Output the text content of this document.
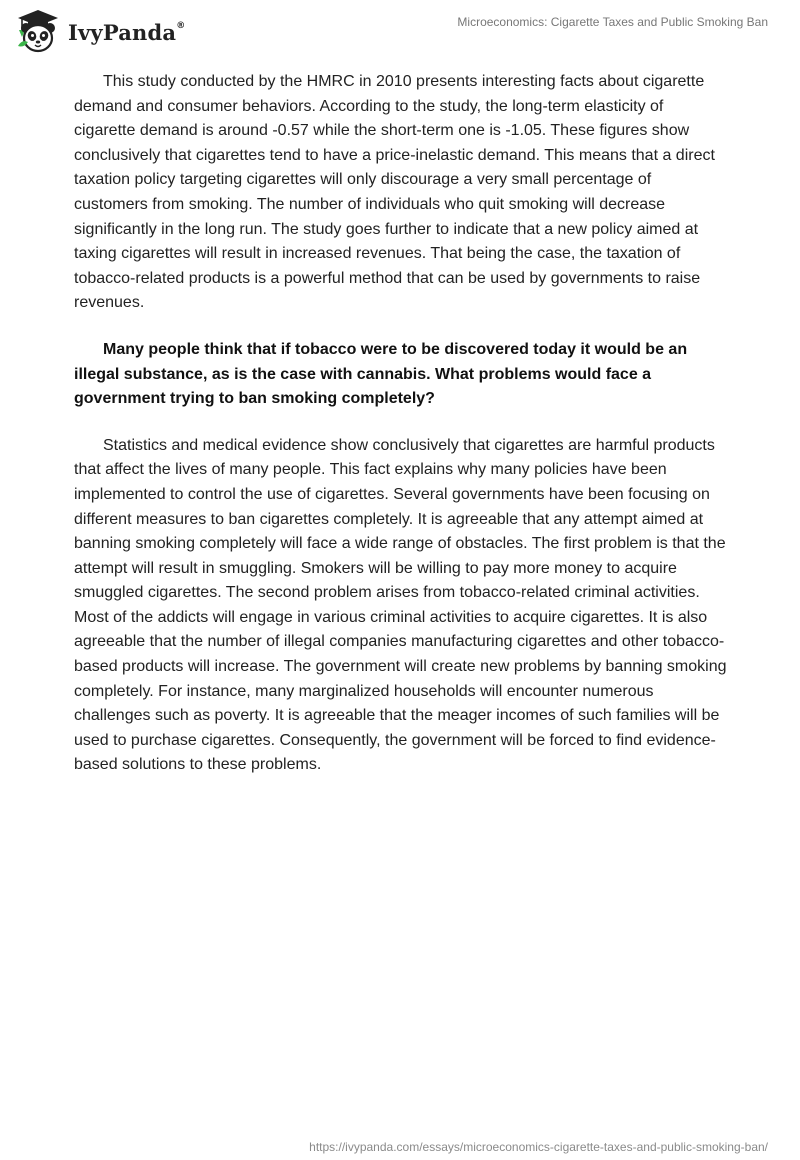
IvyPanda®	Microeconomics: Cigarette Taxes and Public Smoking Ban

This study conducted by the HMRC in 2010 presents interesting facts about cigarette demand and consumer behaviors. According to the study, the long-term elasticity of cigarette demand is around -0.57 while the short-term one is -1.05. These figures show conclusively that cigarettes tend to have a price-inelastic demand. This means that a direct taxation policy targeting cigarettes will only discourage a very small percentage of customers from smoking. The number of individuals who quit smoking will decrease significantly in the long run. The study goes further to indicate that a new policy aimed at taxing cigarettes will result in increased revenues. That being the case, the taxation of tobacco-related products is a powerful method that can be used by governments to raise revenues.

Many people think that if tobacco were to be discovered today it would be an illegal substance, as is the case with cannabis. What problems would face a government trying to ban smoking completely?

Statistics and medical evidence show conclusively that cigarettes are harmful products that affect the lives of many people. This fact explains why many policies have been implemented to control the use of cigarettes. Several governments have been focusing on different measures to ban cigarettes completely. It is agreeable that any attempt aimed at banning smoking completely will face a wide range of obstacles. The first problem is that the attempt will result in smuggling. Smokers will be willing to pay more money to acquire smuggled cigarettes. The second problem arises from tobacco-related criminal activities. Most of the addicts will engage in various criminal activities to acquire cigarettes. It is also agreeable that the number of illegal companies manufacturing cigarettes and other tobacco-based products will increase. The government will create new problems by banning smoking completely. For instance, many marginalized households will encounter numerous challenges such as poverty. It is agreeable that the meager incomes of such families will be used to purchase cigarettes. Consequently, the government will be forced to find evidence-based solutions to these problems.

https://ivypanda.com/essays/microeconomics-cigarette-taxes-and-public-smoking-ban/
